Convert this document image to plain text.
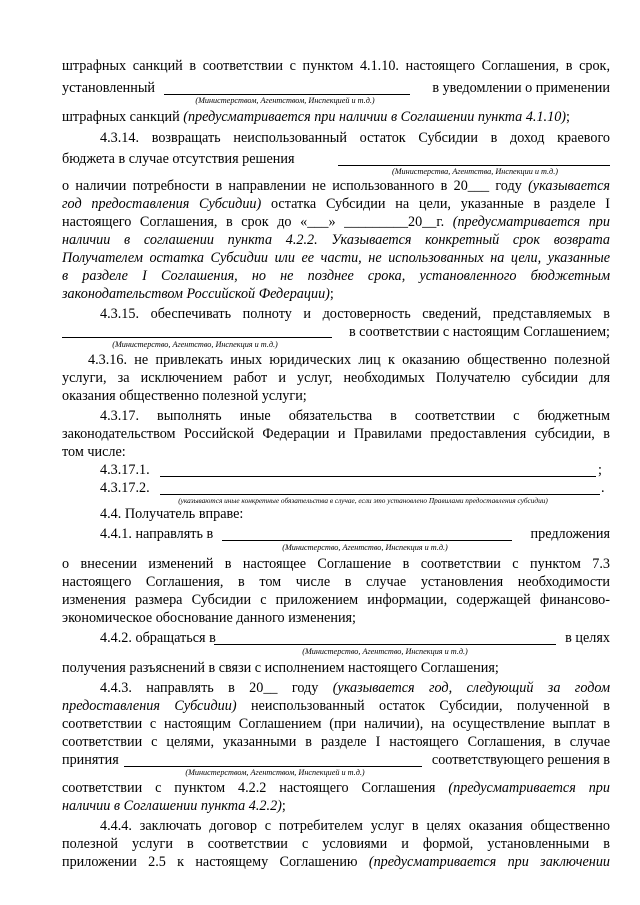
штрафных санкций в соответствии с пунктом 4.1.10. настоящего Соглашения, в срок,
установленный	в уведомлении о применении
(Министерством, Агентством, Инспекцией и т.д.)
штрафных санкций (предусматривается при наличии в Соглашении пункта 4.1.10);
4.3.14. возвращать неиспользованный остаток Субсидии в доход краевого
бюджета в случае отсутствия решения
(Министерства, Агентства, Инспекции и т.д.)
о наличии потребности в направлении не использованного в 20___ году (указывается
год предоставления Субсидии) остатка Субсидии на цели, указанные в разделе I
настоящего Соглашения, в срок до «___» _________20__г. (предусматривается при
наличии в соглашении пункта 4.2.2. Указывается конкретный срок возврата
Получателем остатка Субсидии или ее части, не использованных на цели, указанные
в разделе I Соглашения, но не позднее срока, установленного бюджетным
законодательством Российской Федерации);
4.3.15. обеспечивать полноту и достоверность сведений, представляемых в
в соответствии с настоящим Соглашением;
(Министерство, Агентство, Инспекция и т.д.)
4.3.16. не привлекать иных юридических лиц к оказанию общественно полезной
услуги, за исключением работ и услуг, необходимых Получателю субсидии для
оказания общественно полезной услуги;
4.3.17. выполнять иные обязательства в соответствии с бюджетным
законодательством Российской Федерации и Правилами предоставления субсидии, в
том числе:
4.3.17.1.	;
4.3.17.2.	.
(указываются иные конкретные обязательства в случае, если это установлено Правилами предоставления субсидии)
4.4. Получатель вправе:
4.4.1. направлять в	предложения
(Министерство, Агентство, Инспекция и т.д.)
о внесении изменений в настоящее Соглашение в соответствии с пунктом 7.3
настоящего Соглашения, в том числе в случае установления необходимости
изменения размера Субсидии с приложением информации, содержащей финансово-
экономическое обоснование данного изменения;
4.4.2. обращаться в	в целях
(Министерство, Агентство, Инспекция и т.д.)
получения разъяснений в связи с исполнением настоящего Соглашения;
4.4.3. направлять в 20__ году (указывается год, следующий за годом
предоставления Субсидии) неиспользованный остаток Субсидии, полученной в
соответствии с настоящим Соглашением (при наличии), на осуществление выплат в
соответствии с целями, указанными в разделе I настоящего Соглашения, в случае
принятия	соответствующего решения в
(Министерством, Агентством, Инспекцией и т.д.)
соответствии с пунктом 4.2.2 настоящего Соглашения (предусматривается при
наличии в Соглашении пункта 4.2.2);
4.4.4. заключать договор с потребителем услуг в целях оказания общественно
полезной услуги в соответствии с условиями и формой, установленными в
приложении 2.5 к настоящему Соглашению (предусматривается при заключении
